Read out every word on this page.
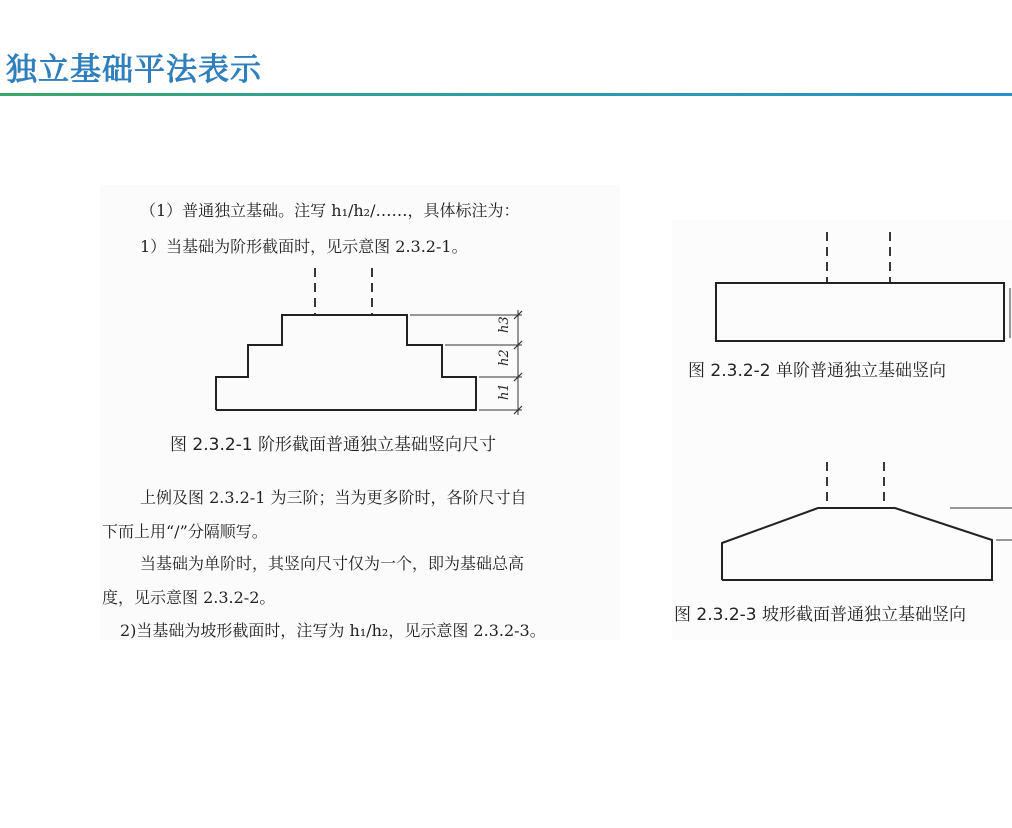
独立基础平法表示
（1）普通独立基础。注写 h₁/h₂/……，具体标注为：
1）当基础为阶形截面时，见示意图 2.3.2-1。
h3
h2
h1
图 2.3.2-1 阶形截面普通独立基础竖向尺寸
上例及图 2.3.2-1 为三阶；当为更多阶时，各阶尺寸自
下而上用“/”分隔顺写。
当基础为单阶时，其竖向尺寸仅为一个，即为基础总高
度，见示意图 2.3.2-2。
2)当基础为坡形截面时，注写为 h₁/h₂，见示意图 2.3.2-3。
图 2.3.2-2 单阶普通独立基础竖向
图 2.3.2-3 坡形截面普通独立基础竖向
